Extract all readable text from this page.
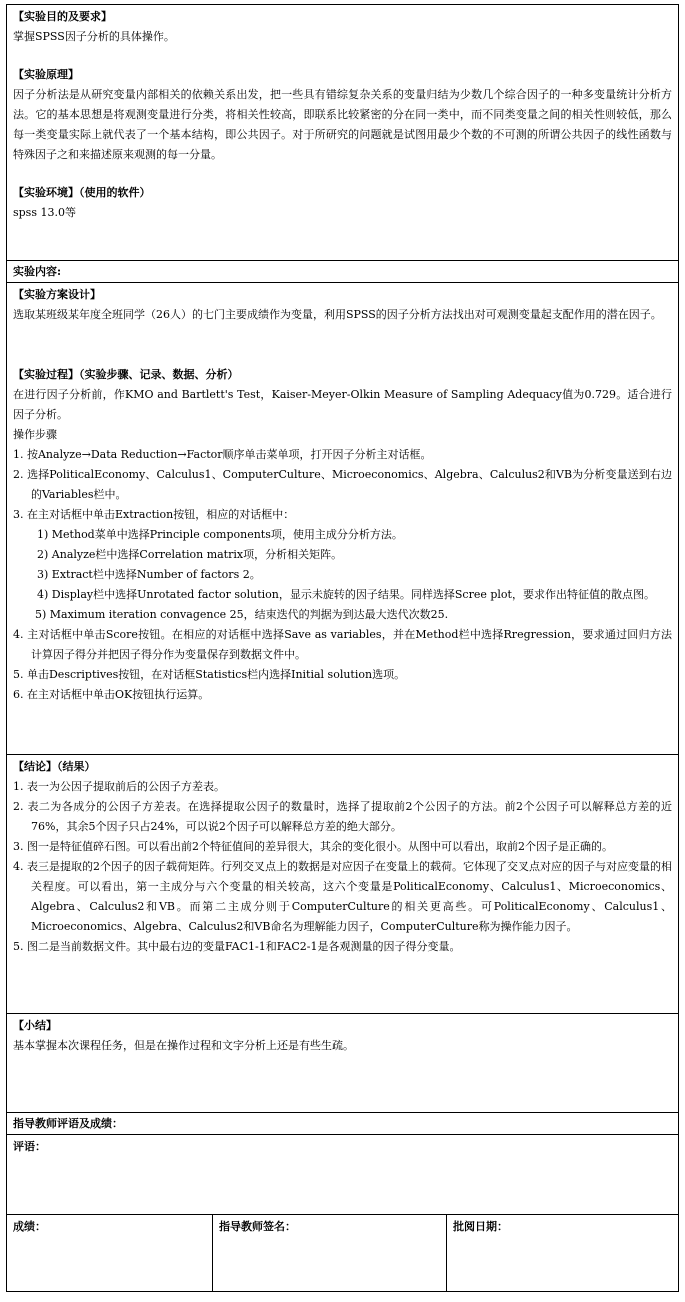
【实验目的及要求】
掌握SPSS因子分析的具体操作。
【实验原理】
因子分析法是从研究变量内部相关的依赖关系出发，把一些具有错综复杂关系的变量归结为少数几个综合因子的一种多变量统计分析方法。它的基本思想是将观测变量进行分类，将相关性较高，即联系比较紧密的分在同一类中，而不同类变量之间的相关性则较低，那么每一类变量实际上就代表了一个基本结构，即公共因子。对于所研究的问题就是试图用最少个数的不可测的所谓公共因子的线性函数与特殊因子之和来描述原来观测的每一分量。
【实验环境】（使用的软件）
spss 13.0等
实验内容:
【实验方案设计】
选取某班级某年度全班同学（26人）的七门主要成绩作为变量，利用SPSS的因子分析方法找出对可观测变量起支配作用的潜在因子。
【实验过程】（实验步骤、记录、数据、分析）
在进行因子分析前，作KMO and Bartlett's Test，Kaiser-Meyer-Olkin Measure of Sampling Adequacy值为0.729。适合进行因子分析。
操作步骤
1. 按Analyze→Data Reduction→Factor顺序单击菜单项，打开因子分析主对话框。
2. 选择PoliticalEconomy、Calculus1、ComputerCulture、Microeconomics、Algebra、Calculus2和VB为分析变量送到右边的Variables栏中。
3. 在主对话框中单击Extraction按钮，相应的对话框中：
1) Method菜单中选择Principle components项，使用主成分分析方法。
2) Analyze栏中选择Correlation matrix项，分析相关矩阵。
3) Extract栏中选择Number of factors 2。
4) Display栏中选择Unrotated factor solution，显示未旋转的因子结果。同样选择Scree plot，要求作出特征值的散点图。
5) Maximum iteration convagence 25，结束迭代的判据为到达最大迭代次数25.
4. 主对话框中单击Score按钮。在相应的对话框中选择Save as variables，并在Method栏中选择Rregression，要求通过回归方法计算因子得分并把因子得分作为变量保存到数据文件中。
5. 单击Descriptives按钮，在对话框Statistics栏内选择Initial solution选项。
6. 在主对话框中单击OK按钮执行运算。
【结论】（结果）
1. 表一为公因子提取前后的公因子方差表。
2. 表二为各成分的公因子方差表。在选择提取公因子的数量时，选择了提取前2个公因子的方法。前2个公因子可以解释总方差的近76%，其余5个因子只占24%，可以说2个因子可以解释总方差的绝大部分。
3. 图一是特征值碎石图。可以看出前2个特征值间的差异很大，其余的变化很小。从图中可以看出，取前2个因子是正确的。
4. 表三是提取的2个因子的因子载荷矩阵。行列交叉点上的数据是对应因子在变量上的载荷。它体现了交叉点对应的因子与对应变量的相关程度。可以看出，第一主成分与六个变量的相关较高，这六个变量是PoliticalEconomy、Calculus1、Microeconomics、Algebra、Calculus2和VB。而第二主成分则于ComputerCulture的相关更高些。可PoliticalEconomy、Calculus1、Microeconomics、Algebra、Calculus2和VB命名为理解能力因子，ComputerCulture称为操作能力因子。
5. 图二是当前数据文件。其中最右边的变量FAC1-1和FAC2-1是各观测量的因子得分变量。
【小结】
基本掌握本次课程任务，但是在操作过程和文字分析上还是有些生疏。
指导教师评语及成绩：
评语：
成绩：	指导教师签名：	批阅日期：
